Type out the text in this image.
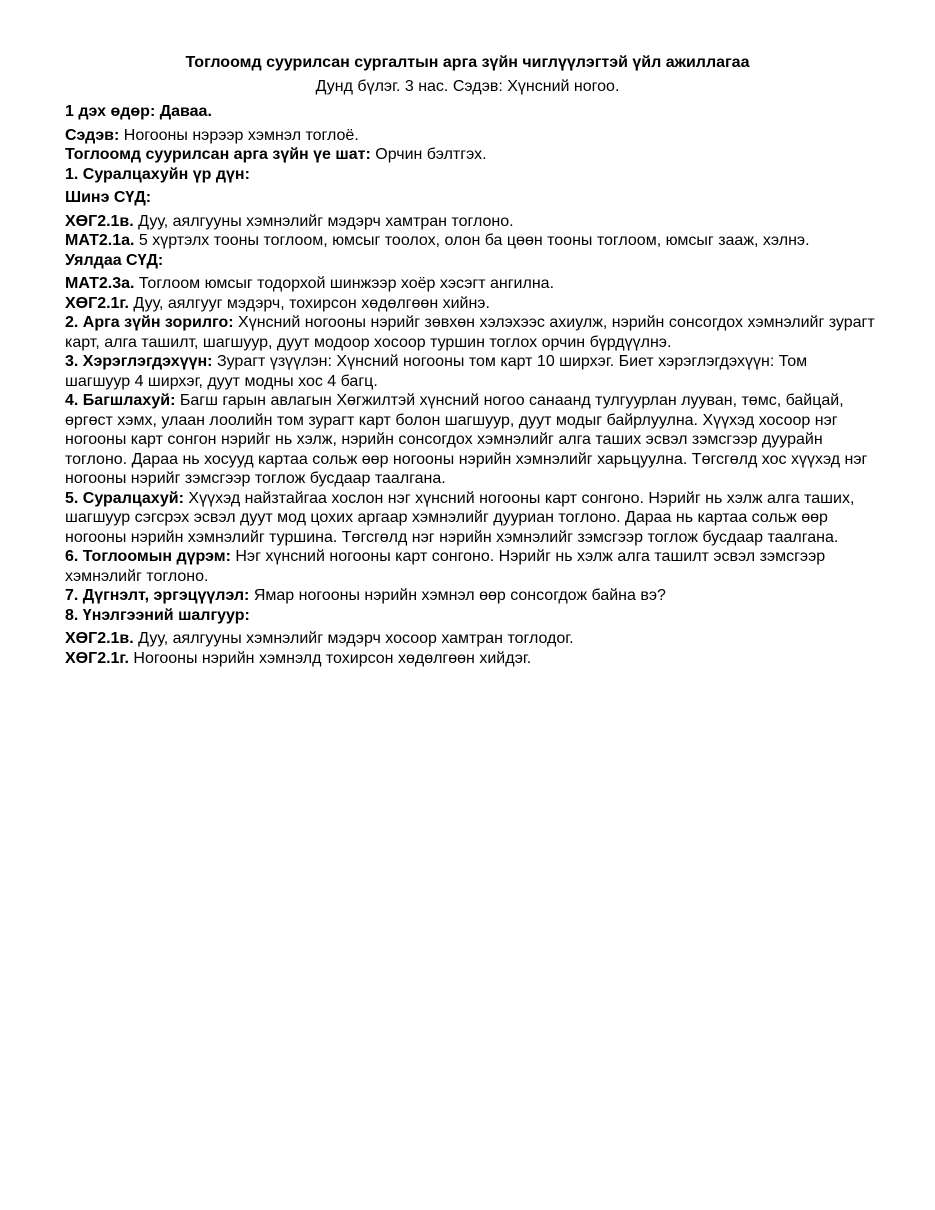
Тоглоомд суурилсан сургалтын арга зүйн чиглүүлэгтэй үйл ажиллагаа
Дунд бүлэг. 3 нас. Сэдэв: Хүнсний ногоо.

1 дэх өдөр: Даваа.

Сэдэв: Ногооны нэрээр хэмнэл тоглоё.

Тоглоомд суурилсан арга зүйн үе шат: Орчин бэлтгэх.

1. Суралцахуйн үр дүн:

Шинэ СҮД:

ХӨГ2.1в. Дуу, аялгууны хэмнэлийг мэдэрч хамтран тоглоно.

МАТ2.1а. 5 хүртэлх тооны тоглоом, юмсыг тоолох, олон ба цөөн тооны тоглоом, юмсыг зааж, хэлнэ.

Уялдаа СҮД:

МАТ2.3а. Тоглоом юмсыг тодорхой шинжээр хоёр хэсэгт ангилна.

ХӨГ2.1г. Дуу, аялгууг мэдэрч, тохирсон хөдөлгөөн хийнэ.

2. Арга зүйн зорилго: Хүнсний ногооны нэрийг зөвхөн хэлэхээс ахиулж, нэрийн сонсогдох хэмнэлийг зурагт карт, алга ташилт, шагшуур, дуут модоор хосоор туршин тоглох орчин бүрдүүлнэ.

3. Хэрэглэгдэхүүн: Зурагт үзүүлэн: Хүнсний ногооны том карт 10 ширхэг. Биет хэрэглэгдэхүүн: Том шагшуур 4 ширхэг, дуут модны хос 4 багц.

4. Багшлахуй: Багш гарын авлагын Хөгжилтэй хүнсний ногоо санаанд тулгуурлан лууван, төмс, байцай, өргөст хэмх, улаан лоолийн том зурагт карт болон шагшуур, дуут модыг байрлуулна. Хүүхэд хосоор нэг ногооны карт сонгон нэрийг нь хэлж, нэрийн сонсогдох хэмнэлийг алга таших эсвэл зэмсгээр дуурайн тоглоно. Дараа нь хосууд картаа сольж өөр ногооны нэрийн хэмнэлийг харьцуулна. Төгсгөлд хос хүүхэд нэг ногооны нэрийг зэмсгээр тоглож бусдаар таалгана.

5. Суралцахуй: Хүүхэд найзтайгаа хослон нэг хүнсний ногооны карт сонгоно. Нэрийг нь хэлж алга таших, шагшуур сэгсрэх эсвэл дуут мод цохих аргаар хэмнэлийг дууриан тоглоно. Дараа нь картаа сольж өөр ногооны нэрийн хэмнэлийг туршина. Төгсгөлд нэг нэрийн хэмнэлийг зэмсгээр тоглож бусдаар таалгана.

6. Тоглоомын дүрэм: Нэг хүнсний ногооны карт сонгоно. Нэрийг нь хэлж алга ташилт эсвэл зэмсгээр хэмнэлийг тоглоно.

7. Дүгнэлт, эргэцүүлэл: Ямар ногооны нэрийн хэмнэл өөр сонсогдож байна вэ?

8. Үнэлгээний шалгуур:

ХӨГ2.1в. Дуу, аялгууны хэмнэлийг мэдэрч хосоор хамтран тоглодог.

ХӨГ2.1г. Ногооны нэрийн хэмнэлд тохирсон хөдөлгөөн хийдэг.
